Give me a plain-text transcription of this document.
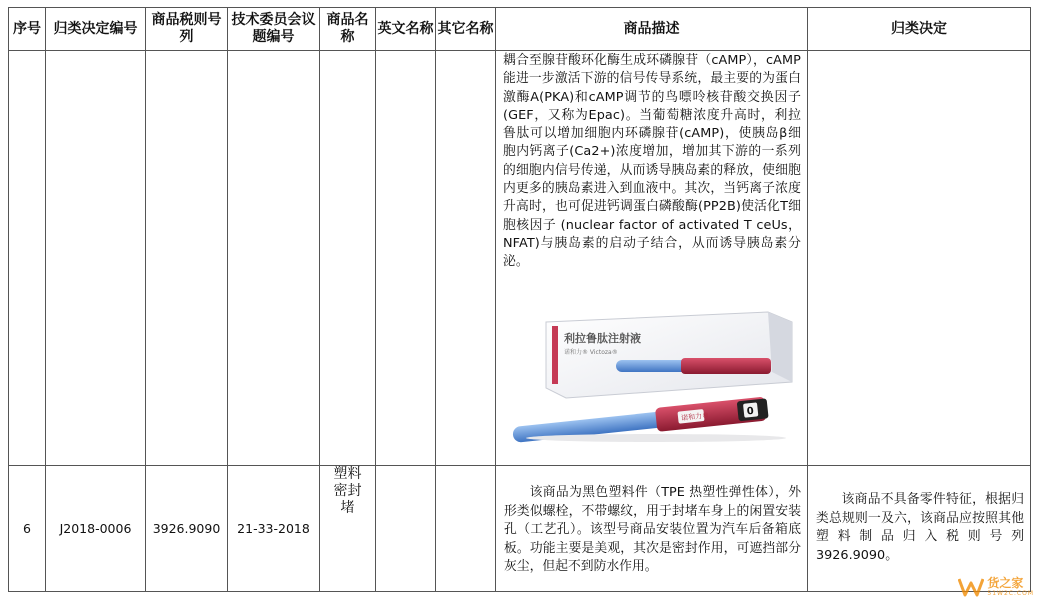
序号	归类决定编号	商品税则号列	技术委员会议题编号	商品名称	英文名称	其它名称	商品描述	归类决定

							耦合至腺苷酸环化酶生成环磷腺苷（cAMP），cAMP能进一步激活下游的信号传导系统，最主要的为蛋白激酶A(PKA)和cAMP调节的鸟嘌呤核苷酸交换因子(GEF，又称为Epac)。当葡萄糖浓度升高时，利拉鲁肽可以增加细胞内环磷腺苷(cAMP)，使胰岛β细胞内钙离子(Ca2+)浓度增加，增加其下游的一系列的细胞内信号传递，从而诱导胰岛素的释放，使细胞内更多的胰岛素进入到血液中。其次，当钙离子浓度升高时，也可促进钙调蛋白磷酸酶(PP2B)使活化T细胞核因子 (nuclear factor of activated T ceUs，NFAT)与胰岛素的启动子结合，从而诱导胰岛素分泌。
利拉鲁肽注射液
诺和力® Victoza®
诺和力® 0	

6	J2018-0006	3926.9090	21-33-2018	塑料密封堵			该商品为黑色塑料件（TPE 热塑性弹性体），外形类似螺栓，不带螺纹，用于封堵车身上的闲置安装孔（工艺孔）。该型号商品安装位置为汽车后备箱底板。功能主要是美观，其次是密封作用，可遮挡部分灰尘，但起不到防水作用。	该商品不具备零件特征，根据归类总规则一及六，该商品应按照其他塑料制品归入税则号列 3926.9090。
货之家
51W2C.COM
